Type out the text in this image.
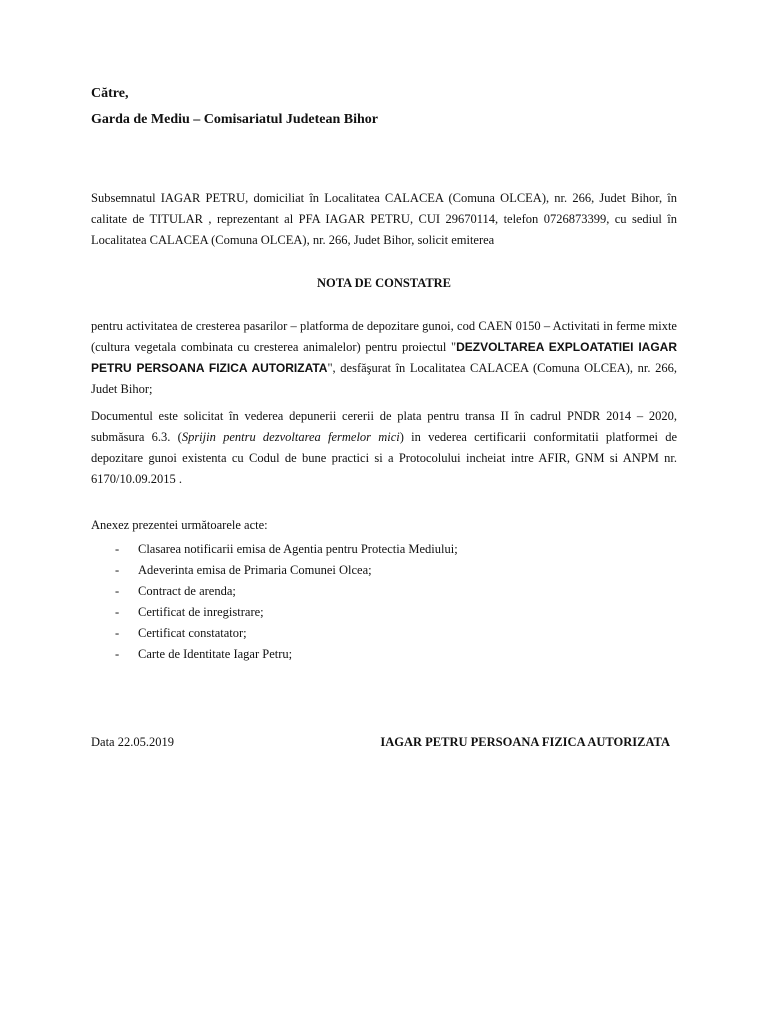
Către,
Garda de Mediu – Comisariatul Judetean Bihor
Subsemnatul IAGAR PETRU, domiciliat în Localitatea CALACEA (Comuna OLCEA), nr. 266, Judet Bihor, în calitate de TITULAR , reprezentant al PFA IAGAR PETRU, CUI 29670114, telefon 0726873399, cu sediul în Localitatea CALACEA (Comuna OLCEA), nr. 266, Judet Bihor, solicit emiterea
NOTA DE CONSTATRE
pentru activitatea de cresterea pasarilor – platforma de depozitare gunoi, cod CAEN 0150 – Activitati in ferme mixte (cultura vegetala combinata cu cresterea animalelor) pentru proiectul "DEZVOLTAREA EXPLOATATIEI IAGAR PETRU PERSOANA FIZICA AUTORIZATA", desfăşurat în Localitatea CALACEA (Comuna OLCEA), nr. 266, Judet Bihor;
Documentul este solicitat în vederea depunerii cererii de plata pentru transa II în cadrul PNDR 2014 – 2020, submăsura 6.3. (Sprijin pentru dezvoltarea fermelor mici) in vederea certificarii conformitatii platformei de depozitare gunoi existenta cu Codul de bune practici si a Protocolului incheiat intre AFIR, GNM si ANPM nr. 6170/10.09.2015 .
Anexez prezentei următoarele acte:
- Clasarea notificarii emisa de Agentia pentru Protectia Mediului;
- Adeverinta emisa de Primaria Comunei Olcea;
- Contract de arenda;
- Certificat de inregistrare;
- Certificat constatator;
- Carte de Identitate Iagar Petru;
Data 22.05.2019	IAGAR PETRU PERSOANA FIZICA AUTORIZATA
